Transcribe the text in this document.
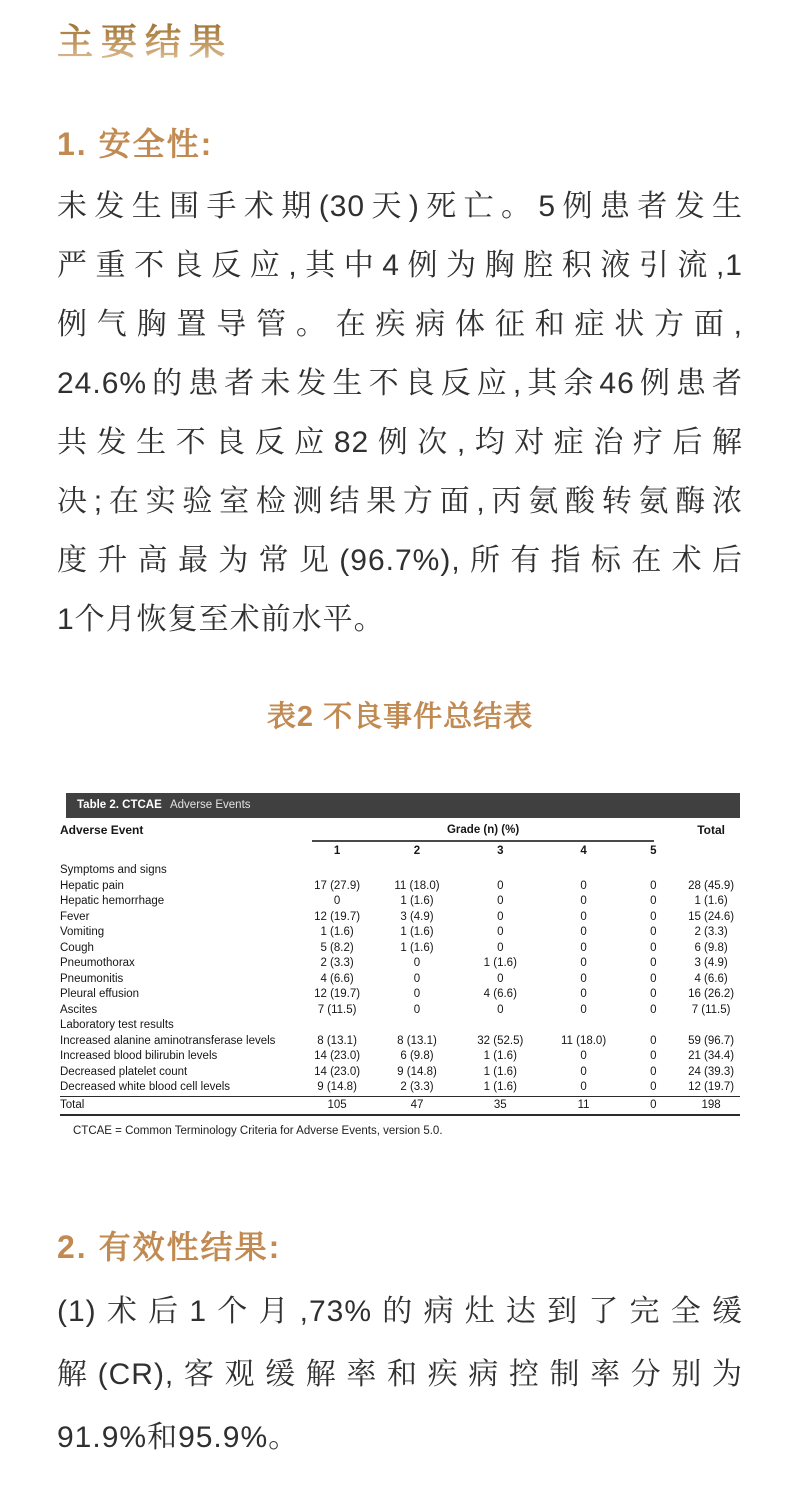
主要结果
1. 安全性:
未发生围手术期(30天)死亡。5例患者发生
严重不良反应,其中4例为胸腔积液引流,1
例气胸置导管。在疾病体征和症状方面,
24.6%的患者未发生不良反应,其余46例患者
共发生不良反应82例次,均对症治疗后解
决;在实验室检测结果方面,丙氨酸转氨酶浓
度升高最为常见(96.7%),所有指标在术后
1个月恢复至术前水平。
表2 不良事件总结表
Table 2. CTCAE Adverse Events
Adverse Event	Grade (n) (%)					Total
	1	2	3	4	5	
Symptoms and signs						
Hepatic pain	17 (27.9)	11 (18.0)	0	0	0	28 (45.9)
Hepatic hemorrhage	0	1 (1.6)	0	0	0	1 (1.6)
Fever	12 (19.7)	3 (4.9)	0	0	0	15 (24.6)
Vomiting	1 (1.6)	1 (1.6)	0	0	0	2 (3.3)
Cough	5 (8.2)	1 (1.6)	0	0	0	6 (9.8)
Pneumothorax	2 (3.3)	0	1 (1.6)	0	0	3 (4.9)
Pneumonitis	4 (6.6)	0	0	0	0	4 (6.6)
Pleural effusion	12 (19.7)	0	4 (6.6)	0	0	16 (26.2)
Ascites	7 (11.5)	0	0	0	0	7 (11.5)
Laboratory test results						
Increased alanine aminotransferase levels	8 (13.1)	8 (13.1)	32 (52.5)	11 (18.0)	0	59 (96.7)
Increased blood bilirubin levels	14 (23.0)	6 (9.8)	1 (1.6)	0	0	21 (34.4)
Decreased platelet count	14 (23.0)	9 (14.8)	1 (1.6)	0	0	24 (39.3)
Decreased white blood cell levels	9 (14.8)	2 (3.3)	1 (1.6)	0	0	12 (19.7)
Total	105	47	35	11	0	198
CTCAE = Common Terminology Criteria for Adverse Events, version 5.0.
2. 有效性结果:
(1)术后1个月,73%的病灶达到了完全缓
解(CR),客观缓解率和疾病控制率分别为
91.9%和95.9%。
